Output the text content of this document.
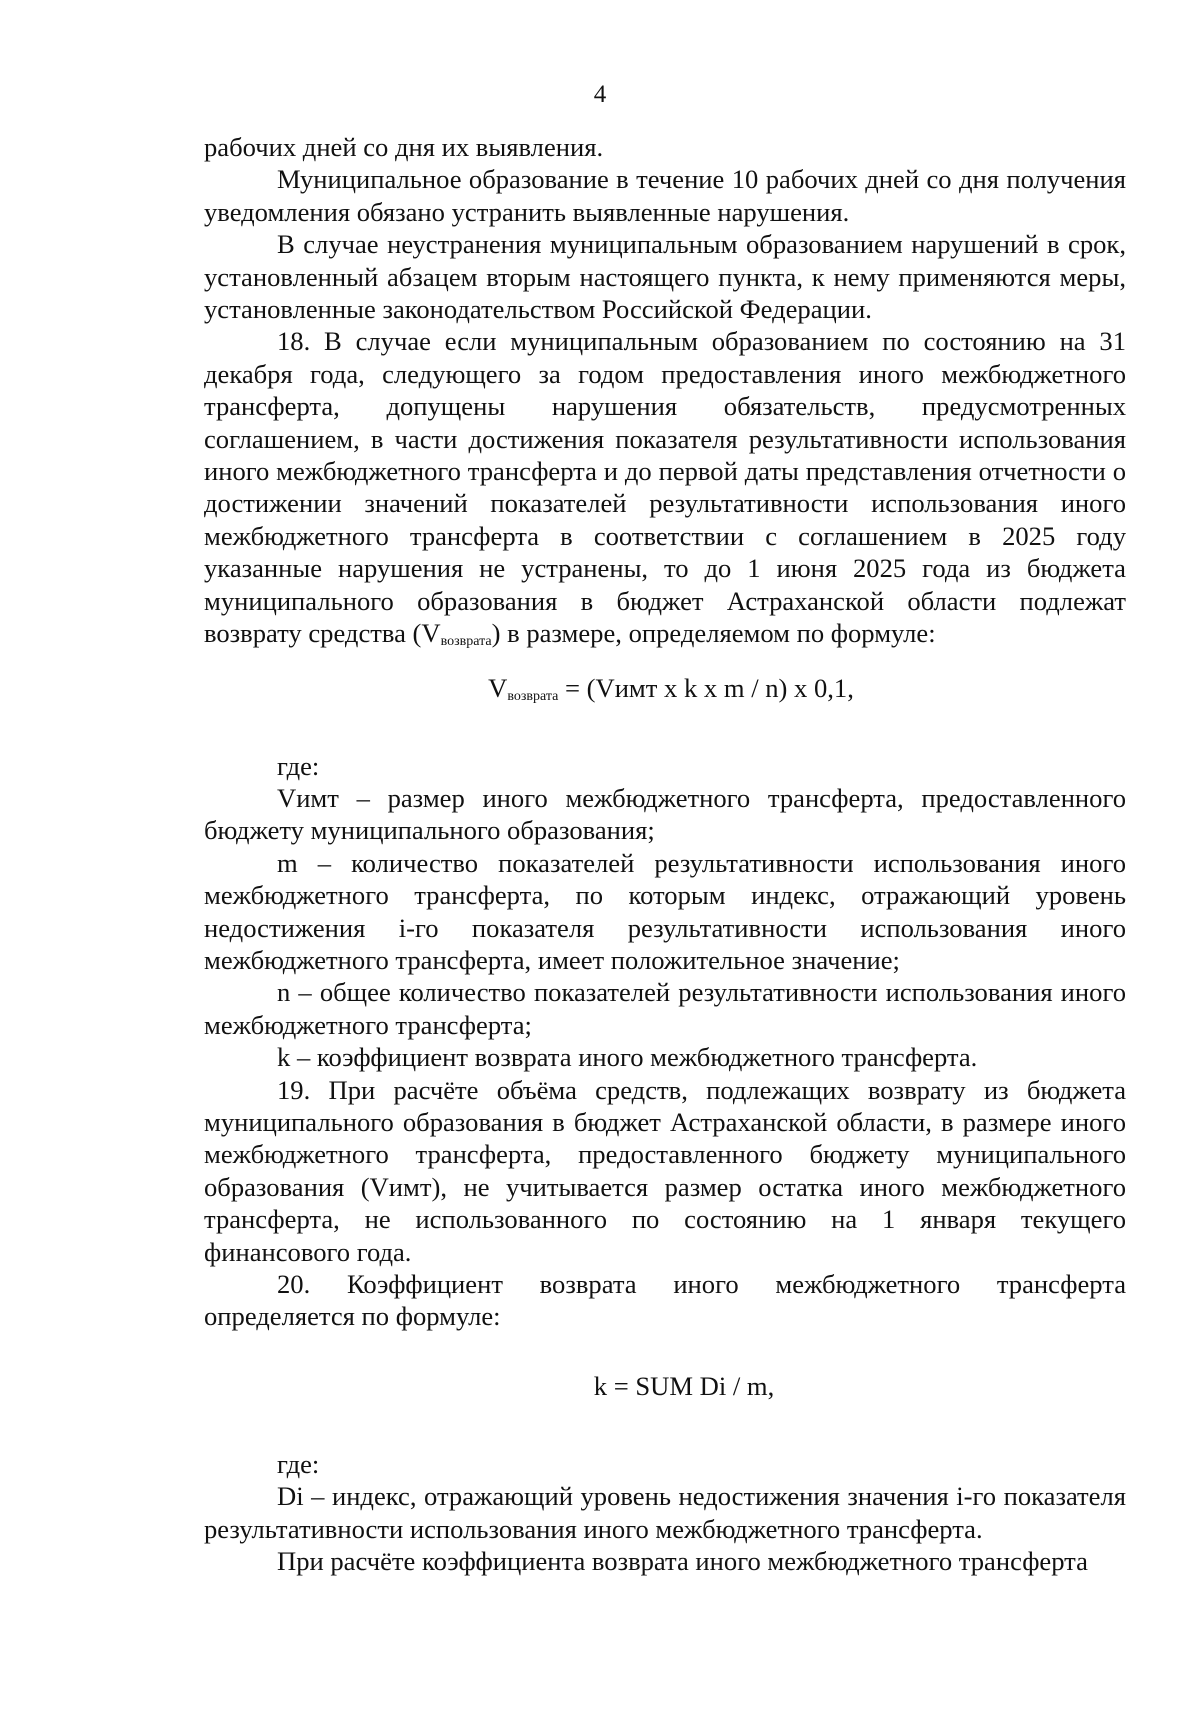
4

рабочих дней со дня их выявления.

Муниципальное образование в течение 10 рабочих дней со дня получения уведомления обязано устранить выявленные нарушения.

В случае неустранения муниципальным образованием нарушений в срок, установленный абзацем вторым настоящего пункта, к нему применяются меры, установленные законодательством Российской Федерации.

18. В случае если муниципальным образованием по состоянию на 31 декабря года, следующего за годом предоставления иного межбюджетного трансферта, допущены нарушения обязательств, предусмотренных соглашением, в части достижения показателя результативности использования иного межбюджетного трансферта и до первой даты представления отчетности о достижении значений показателей результативности использования иного межбюджетного трансферта в соответствии с соглашением в 2025 году указанные нарушения не устранены, то до 1 июня 2025 года из бюджета муниципального образования в бюджет Астраханской области подлежат возврату средства (Vвозврата) в размере, определяемом по формуле:

$V_{возврата}$ = (Vимт x k x m / n) x 0,1,

где:

Vимт – размер иного межбюджетного трансферта, предоставленного бюджету муниципального образования;

m – количество показателей результативности использования иного межбюджетного трансферта, по которым индекс, отражающий уровень недостижения i-го показателя результативности использования иного межбюджетного трансферта, имеет положительное значение;

n – общее количество показателей результативности использования иного межбюджетного трансферта;

k – коэффициент возврата иного межбюджетного трансферта.

19. При расчёте объёма средств, подлежащих возврату из бюджета муниципального образования в бюджет Астраханской области, в размере иного межбюджетного трансферта, предоставленного бюджету муниципального образования (Vимт), не учитывается размер остатка иного межбюджетного трансферта, не использованного по состоянию на 1 января текущего финансового года.

20. Коэффициент возврата иного межбюджетного трансферта определяется по формуле:

k = SUM Di / m,

где:

Di – индекс, отражающий уровень недостижения значения i-го показателя результативности использования иного межбюджетного трансферта.

При расчёте коэффициента возврата иного межбюджетного трансферта
